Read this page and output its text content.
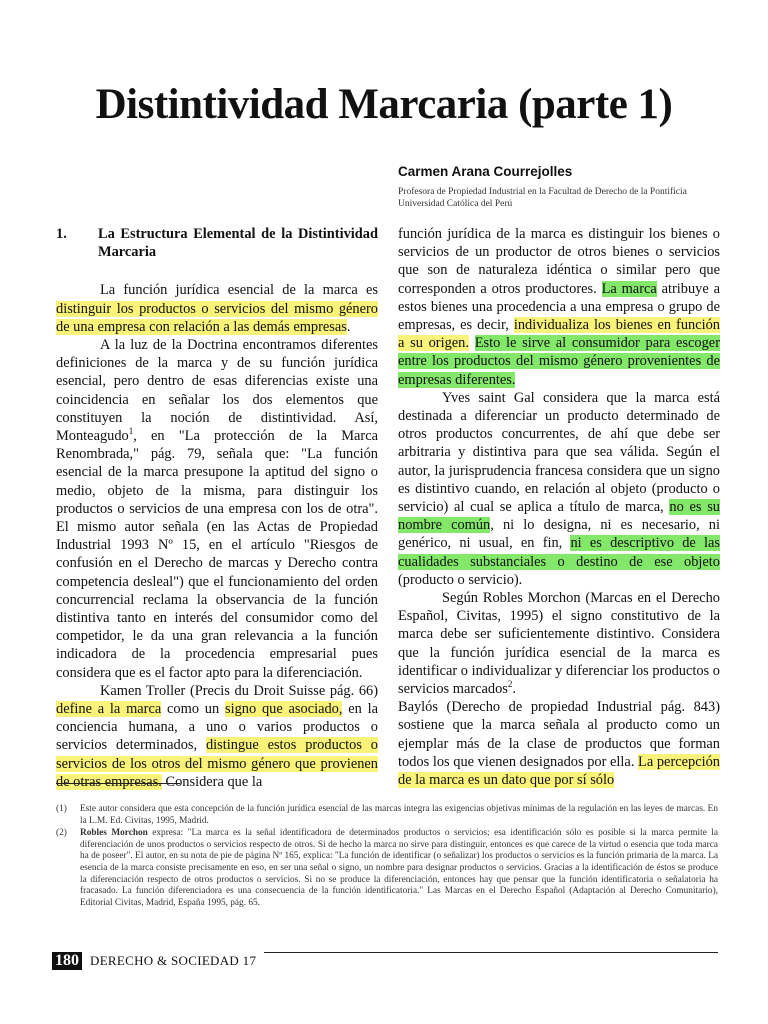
Distintividad Marcaria (parte 1)
Carmen Arana Courrejolles
Profesora de Propiedad Industrial en la Facultad de Derecho de la Pontificia Universidad Católica del Perú
1.	La Estructura Elemental de la Distintividad Marcaria

La función jurídica esencial de la marca es distinguir los productos o servicios del mismo género de una empresa con relación a las demás empresas.

A la luz de la Doctrina encontramos diferentes definiciones de la marca y de su función jurídica esencial, pero dentro de esas diferencias existe una coincidencia en señalar los dos elementos que constituyen la noción de distintividad. Así, Monteagudo$^1$, en "La protección de la Marca Renombrada," pág. 79, señala que: "La función esencial de la marca presupone la aptitud del signo o medio, objeto de la misma, para distinguir los productos o servicios de una empresa con los de otra". El mismo autor señala (en las Actas de Propiedad Industrial 1993 Nº 15, en el artículo "Riesgos de confusión en el Derecho de marcas y Derecho contra competencia desleal") que el funcionamiento del orden concurrencial reclama la observancia de la función distintiva tanto en interés del consumidor como del competidor, le da una gran relevancia a la función indicadora de la procedencia empresarial pues considera que es el factor apto para la diferenciación.

Kamen Troller (Precis du Droit Suisse pág. 66) define a la marca como un signo que asociado, en la conciencia humana, a uno o varios productos o servicios determinados, distingue estos productos o servicios de los otros del mismo género que provienen de otras empresas. Considera que la

función jurídica de la marca es distinguir los bienes o servicios de un productor de otros bienes o servicios que son de naturaleza idéntica o similar pero que corresponden a otros productores. La marca atribuye a estos bienes una procedencia a una empresa o grupo de empresas, es decir, individualiza los bienes en función a su origen. Esto le sirve al consumidor para escoger entre los productos del mismo género provenientes de empresas diferentes.

Yves saint Gal considera que la marca está destinada a diferenciar un producto determinado de otros productos concurrentes, de ahí que debe ser arbitraria y distintiva para que sea válida. Según el autor, la jurisprudencia francesa considera que un signo es distintivo cuando, en relación al objeto (producto o servicio) al cual se aplica a título de marca, no es su nombre común, ni lo designa, ni es necesario, ni genérico, ni usual, en fin, ni es descriptivo de las cualidades substanciales o destino de ese objeto (producto o servicio).

Según Robles Morchon (Marcas en el Derecho Español, Civitas, 1995) el signo constitutivo de la marca debe ser suficientemente distintivo. Considera que la función jurídica esencial de la marca es identificar o individualizar y diferenciar los productos o servicios marcados$^2$.

Baylós (Derecho de propiedad Industrial pág. 843) sostiene que la marca señala al producto como un ejemplar más de la clase de productos que forman todos los que vienen designados por ella. La percepción de la marca es un dato que por sí sólo

(1)	Este autor considera que esta concepción de la función jurídica esencial de las marcas integra las exigencias objetivas mínimas de la regulación en las leyes de marcas. En la L.M. Ed. Civitas, 1995, Madrid.
(2)	Robles Morchon expresa: "La marca es la señal identificadora de determinados productos o servicios; esa identificación sólo es posible si la marca permite la diferenciación de unos productos o servicios respecto de otros. Si de hecho la marca no sirve para distinguir, entonces es que carece de la virtud o esencia que toda marca ha de poseer". El autor, en su nota de pie de página Nº 165, explica: "La función de identificar (o señalizar) los productos o servicios es la función primaria de la marca. La esencia de la marca consiste precisamente en eso, en ser una señal o signo, un nombre para designar productos o servicios. Gracias a la identificación de éstos se produce la diferenciación respecto de otros productos o servicios. Si no se produce la diferenciación, entonces hay que pensar que la función identificatoria o señalatoria ha fracasado. La función diferenciadora es una consecuencia de la función identificatoria." Las Marcas en el Derecho Español (Adaptación al Derecho Comunitario), Editorial Civitas, Madrid, España 1995, pág. 65.
180 DERECHO & SOCIEDAD 17
